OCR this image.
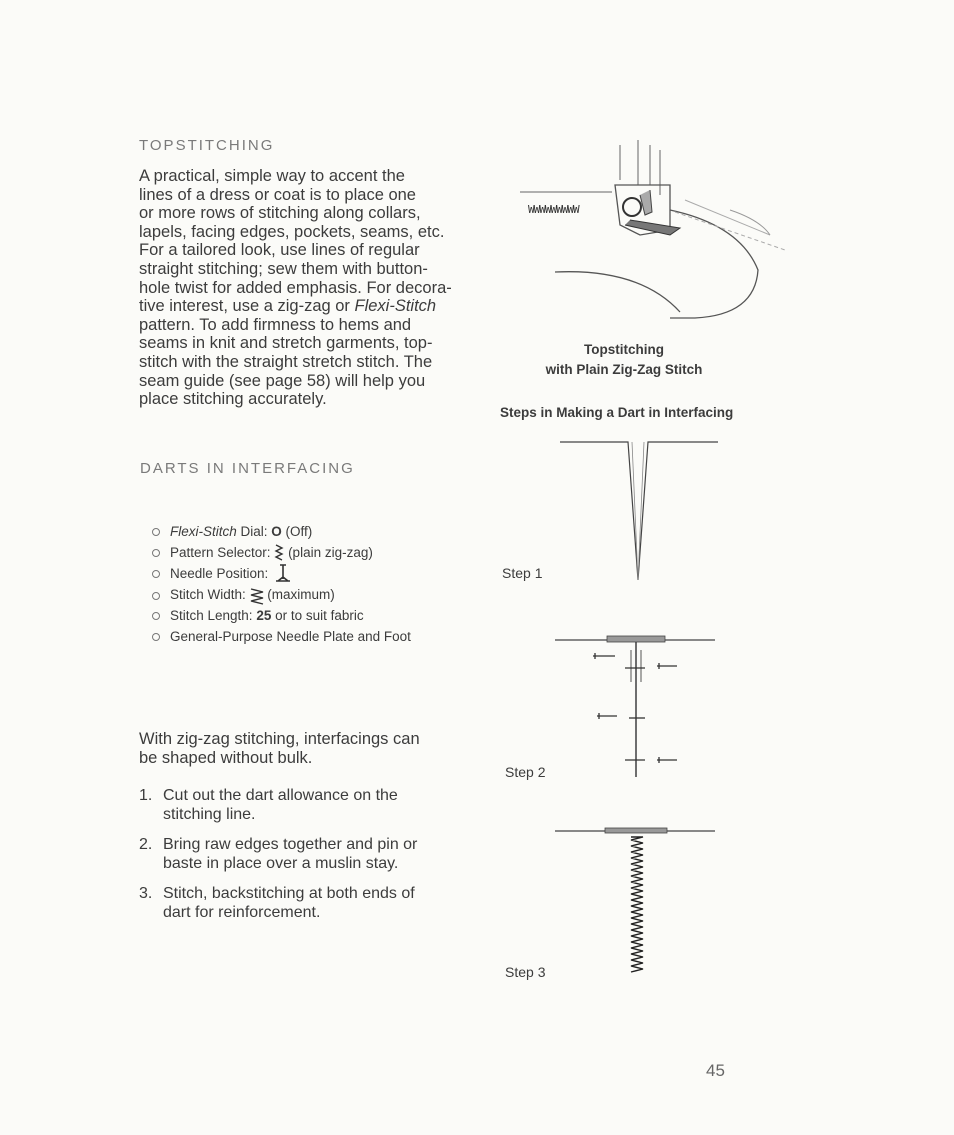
TOPSTITCHING

A practical, simple way to accent the

lines of a dress or coat is to place one

or more rows of stitching along collars,

lapels, facing edges, pockets, seams, etc.

For a tailored look, use lines of regular

straight stitching; sew them with button-

hole twist for added emphasis. For decora-

tive interest, use a zig-zag or Flexi-Stitch

pattern. To add firmness to hems and

seams in knit and stretch garments, top-

stitch with the straight stretch stitch. The

seam guide (see page 58) will help you

place stitching accurately.

WWWWWWWWW
Topstitching
with Plain Zig-Zag Stitch
Steps in Making a Dart in Interfacing
DARTS IN INTERFACING
Flexi-Stitch Dial: O (Off)
Pattern Selector: (plain zig-zag)
Needle Position:
Stitch Width: (maximum)
Stitch Length: 25 or to suit fabric
General-Purpose Needle Plate and Foot

With zig-zag stitching, interfacings can

be shaped without bulk.

1. Cut out the dart allowance on the
stitching line.
2. Bring raw edges together and pin or
baste in place over a muslin stay.
3. Stitch, backstitching at both ends of
dart for reinforcement.
Step 1
Step 2
Step 3
45
